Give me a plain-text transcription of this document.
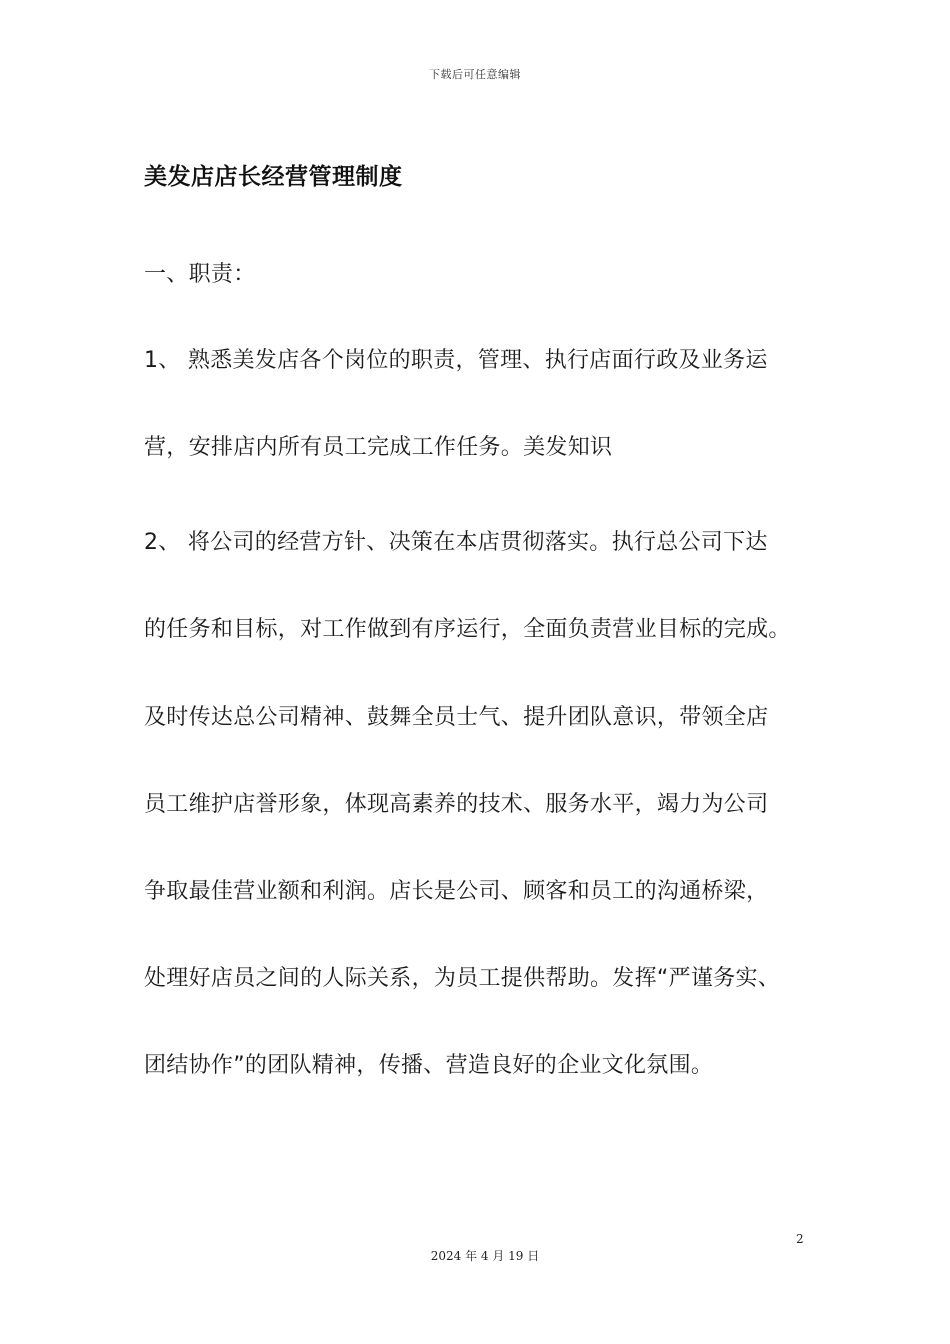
下载后可任意编辑
美发店店长经营管理制度
一、职责：
1、 熟悉美发店各个岗位的职责，管理、执行店面行政及业务运
营，安排店内所有员工完成工作任务。美发知识
2、 将公司的经营方针、决策在本店贯彻落实。执行总公司下达
的任务和目标，对工作做到有序运行，全面负责营业目标的完成。
及时传达总公司精神、鼓舞全员士气、提升团队意识，带领全店
员工维护店誉形象，体现高素养的技术、服务水平，竭力为公司
争取最佳营业额和利润。店长是公司、顾客和员工的沟通桥梁，
处理好店员之间的人际关系，为员工提供帮助。发挥“严谨务实、
团结协作”的团队精神，传播、营造良好的企业文化氛围。
2
2024 年 4 月 19 日
